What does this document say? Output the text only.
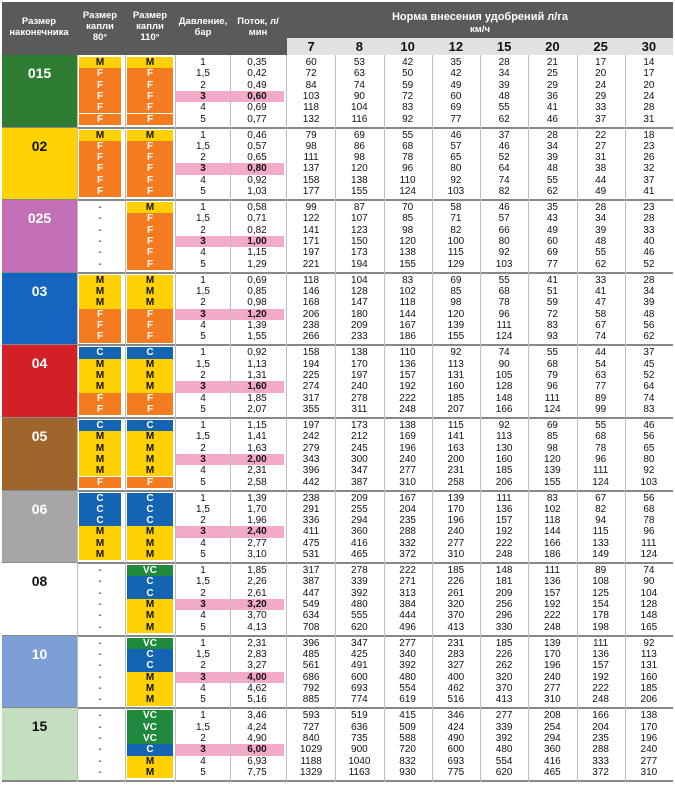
Размер наконечника
Размер капли 80°
Размер капли 110°
Давление, бар
Поток, л/мин
Норма внесения удобрений л/га
км/ч
015
M	M	1	0,35	60	53	42	35	28	21	17	14
F	F	1,5	0,42	72	63	50	42	34	25	20	17
F	F	2	0,49	84	74	59	49	39	29	24	20
F	F	3	0,60	103	90	72	60	48	36	29	24
F	F	4	0,69	118	104	83	69	55	41	33	28
F	F	5	0,77	132	116	92	77	62	46	37	31
02
M	M	1	0,46	79	69	55	46	37	28	22	18
F	F	1,5	0,57	98	86	68	57	46	34	27	23
F	F	2	0,65	111	98	78	65	52	39	31	26
F	F	3	0,80	137	120	96	80	64	48	38	32
F	F	4	0,92	158	138	110	92	74	55	44	37
F	F	5	1,03	177	155	124	103	82	62	49	41
025
-	M	1	0,58	99	87	70	58	46	35	28	23
-	F	1,5	0,71	122	107	85	71	57	43	34	28
-	F	2	0,82	141	123	98	82	66	49	39	33
-	F	3	1,00	171	150	120	100	80	60	48	40
-	F	4	1,15	197	173	138	115	92	69	55	46
-	F	5	1,29	221	194	155	129	103	77	62	52
03
M	M	1	0,69	118	104	83	69	55	41	33	28
M	M	1,5	0,85	146	128	102	85	68	51	41	34
M	M	2	0,98	168	147	118	98	78	59	47	39
F	F	3	1,20	206	180	144	120	96	72	58	48
F	F	4	1,39	238	209	167	139	111	83	67	56
F	F	5	1,55	266	233	186	155	124	93	74	62
04
C	C	1	0,92	158	138	110	92	74	55	44	37
M	M	1,5	1,13	194	170	136	113	90	68	54	45
M	M	2	1,31	225	197	157	131	105	79	63	52
M	M	3	1,60	274	240	192	160	128	96	77	64
F	F	4	1,85	317	278	222	185	148	111	89	74
F	F	5	2,07	355	311	248	207	166	124	99	83
05
C	C	1	1,15	197	173	138	115	92	69	55	46
M	M	1,5	1,41	242	212	169	141	113	85	68	56
M	M	2	1,63	279	245	196	163	130	98	78	65
M	M	3	2,00	343	300	240	200	160	120	96	80
M	M	4	2,31	396	347	277	231	185	139	111	92
F	F	5	2,58	442	387	310	258	206	155	124	103
06
C	C	1	1,39	238	209	167	139	111	83	67	56
C	C	1,5	1,70	291	255	204	170	136	102	82	68
C	C	2	1,96	336	294	235	196	157	118	94	78
M	M	3	2,40	411	360	288	240	192	144	115	96
M	M	4	2,77	475	416	332	277	222	166	133	111
M	M	5	3,10	531	465	372	310	248	186	149	124
08
-	VC	1	1,85	317	278	222	185	148	111	89	74
-	C	1,5	2,26	387	339	271	226	181	136	108	90
-	C	2	2,61	447	392	313	261	209	157	125	104
-	M	3	3,20	549	480	384	320	256	192	154	128
-	M	4	3,70	634	555	444	370	296	222	178	148
-	M	5	4,13	708	620	496	413	330	248	198	165
10
-	VC	1	2,31	396	347	277	231	185	139	111	92
-	C	1,5	2,83	485	425	340	283	226	170	136	113
-	C	2	3,27	561	491	392	327	262	196	157	131
-	M	3	4,00	686	600	480	400	320	240	192	160
-	M	4	4,62	792	693	554	462	370	277	222	185
-	M	5	5,16	885	774	619	516	413	310	248	206
15
-	VC	1	3,46	593	519	415	346	277	208	166	138
-	VC	1,5	4,24	727	636	509	424	339	254	204	170
-	VC	2	4,90	840	735	588	490	392	294	235	196
-	C	3	6,00	1029	900	720	600	480	360	288	240
-	M	4	6,93	1188	1040	832	693	554	416	333	277
-	M	5	7,75	1329	1163	930	775	620	465	372	310
7	8	10	12	15	20	25	30
